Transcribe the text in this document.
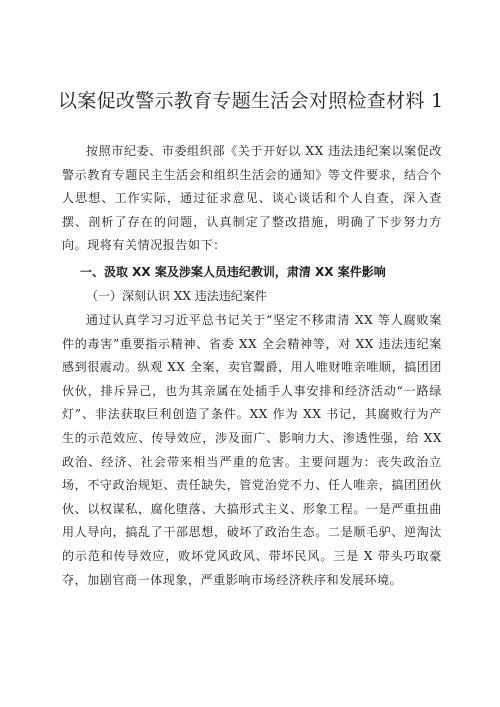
以案促改警示教育专题生活会对照检查材料 1

按照市纪委、市委组织部《关于开好以 XX 违法违纪案以案促改警示教育专题民主生活会和组织生活会的通知》等文件要求，结合个人思想、工作实际，通过征求意见、谈心谈话和个人自查，深入查摆、剖析了存在的问题，认真制定了整改措施，明确了下步努力方向。现将有关情况报告如下：

一、汲取 XX 案及涉案人员违纪教训，肃清 XX 案件影响

（一）深刻认识 XX 违法违纪案件

通过认真学习习近平总书记关于“坚定不移肃清 XX 等人腐败案件的毒害”重要指示精神、省委 XX 全会精神等，对 XX 违法违纪案感到很震动。纵观 XX 全案，卖官鬻爵，用人唯财唯亲唯顺，搞团团伙伙，排斥异己，也为其亲属在处插手人事安排和经济活动“一路绿灯”、非法获取巨利创造了条件。XX 作为 XX 书记，其腐败行为产生的示范效应、传导效应，涉及面广、影响力大、渗透性强，给 XX 政治、经济、社会带来相当严重的危害。主要问题为：丧失政治立场，不守政治规矩、责任缺失，管党治党不力、任人唯亲，搞团团伙伙、以权谋私，腐化堕落、大搞形式主义、形象工程。一是严重扭曲用人导向，搞乱了干部思想，破坏了政治生态。二是顺毛驴、逆淘汰的示范和传导效应，败坏党风政风、带坏民风。三是 X 带头巧取豪夺，加剧官商一体现象，严重影响市场经济秩序和发展环境。
